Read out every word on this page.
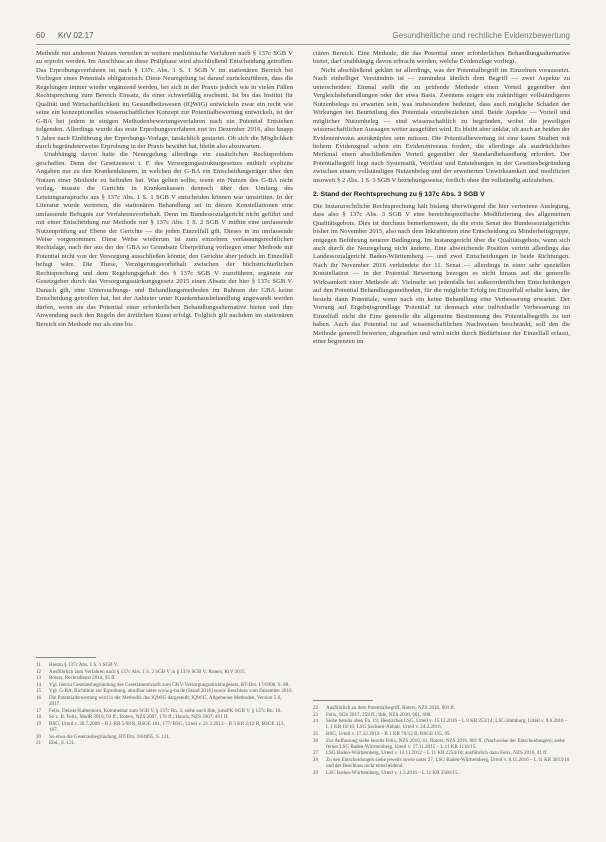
60 KrV 02.17	Gesundheitliche und rechtliche Evidenzbewertung

Methode mit anderem Nutzen verteilen in weitere medizinische Verfahren nach § 137c SGB V zu erprobt werden. Im Anschluss an diese Prüfphase wird abschließend Entscheidung getroffen. Das Erprobungsverfahren ist nach § 137c Abs. 1 S. 1 SGB V im stationären Bereich bei Vorliegen eines Potentials obligatorisch. Diese Neuregelung ist darauf zurückzuführen, dass die Regelungen immer wieder ergänzend werden, bei sich in der Praxis jedoch wie in vielen Fällen Rechtsprechung zum Bereich Einsatz, da einer schwerfällig erscheint. Ist bis das Institut für Qualität und Wirtschaftlichkeit im Gesundheitswesen (IQWiG) entwickeln zwar ein recht wie seine ein konzeptionelles wissenschaftliches Konzept zur Potentialbewertung entwickelt, ist der G-BA bei jedem in einigen Methodenbewertungsverfahren nach ein Potential Entstehen folgenden. Allerdings wurde das erste Erprobungsverfahren erst im Dezember 2016, also knapp 5 Jahre nach Einführung der Erprobungs-Vorlage, tatsächlich gestartet. Ob sich die Möglichkeit durch begründeterweise Erprobung in der Praxis bewährt hat, bleibt also abzuwarten.

Unabhängig davon hatte die Neuregelung allerdings ein zusätzlichen Rechtsproblem geschaffen. Denn der Gesetzestext i. F. des Versorgungsstrukturgesetzes enthielt explizite Angaben nur zu den Krankenhäusern, in welchen der G-BA ein Entscheidungsträger über den Nutzen einer Methode zu befinden hat. Was gelten sollte, wenn ein Nutzen des G-BA nicht vorlag, musste die Gerichte in Krankenkassen dennoch über den Umfang des Leistungsanspruchs aus § 137c Abs. 1 S. 1 SGB V entscheiden können war umstritten. In der Literatur wurde vertreten, die stationären Behandlung sei in diesen Konstellationen eine umfassende Befugnis zur Verfahrensvorbehalt. Denn im Bundessozialgericht nicht geführt und mit einer Entscheidung nur Methode nur § 137c Abs. 1 S. 2 SGB V mithin eine umfassende Nutzenprüfung auf Ebene der Gerichte — die jeden Einzelfall gilt. Dieses in im umfassende Weise vorgenommen. Diese Weise wiederum ist zum einzelnen verfassungsrechtlichen Rechtslage, nach der aus der der GBA so Grundsatz Überprüfung vorliegen einer Methode mit Potential nicht von der Versorgung ausschließen könnte, den Gerichte aber jedoch im Einzelfall befugt wäre. Die These, Verzögerungsvorbehalt zwischen der höchstrichterlichen Rechtsprechung und dem Regelungsgehalt des § 137c SGB V zuzuführen, ergänzte zur Gesetzgeber durch das Versorgungsstärkungsgesetz 2015 einen Absatz der hier § 137c SGB V. Danach gilt, eine Untersuchungs- und Behandlungsmethoden im Rahmen der GBA keine Entscheidung getroffen hat, bei der Anbieter unter Krankenhausbehandlung angewandt werden dürfen, wenn sie das Potential einer erforderlichen Behandlungsalternative bieten und ihre Anwendung nach den Regeln der ärztlichen Kunst erfolgt. Folglich gilt nachdem im stationären Bereich ein Methode nur als eine bis

ciären Bereich. Eine Methode, die das Potential einer erforderlichen Behandlungsalternative bietet, darf unabhängig davon erbracht werden, welche Evidenzlage vorliegt.

Nicht abschließend geklärt ist allerdings, was der Potentialbegriff im Einzelnen voraussetzt. Nach einhelliger Verständnis ist — zumindest ähnlich dem Begriff — zwei Aspekte zu unterscheiden: Einmal stellt die zu prüfende Methode einen Vorteil gegenüber den Vergleichsbehandlungen oder der etwa Basis. Zweitens zeigen ein zukünftiger vollständigeres Nutzenbelegs zu erwarten sein, was insbesondere bedeutet, dass auch mögliche Schäden der Wirkungen bei Beurteilung des Potentials einzubeziehen sind. Beide Aspekte — Vorteil und möglicher Nutzenbeleg — sind wissenschaftlich zu begründen, wobei die jeweiligen wissenschaftlichen Aussagen weiter ausgeführt wird. Es bleibt aber unklar, ob auch an beiden der Evidenzniveaus anzuknüpfen sein müssen. Die Potentialbewertung ist eine kaum Studien mit hohem Evidenzgrad schon ein Evidenzniveaus fordert, die allerdings als ausdrückliches Merkmal einen abschließenden Vorteil gegenüber der Standardbehandlung erfordert. Der Potentialbegriff liegt nach Systematik, Wortlaut und Entstehungen in der Gesetzesbegründung zwischen einem vollständigen Nutzenbeleg und der erweiterten Unwirksamkeit und modifiziert insoweit § 2 Abs. 1 S. 3 SGB V beziehungsweise, freilich ohne ihn vollständig aufzuheben.

2. Stand der Rechtsprechung zu § 137c Abs. 3 SGB V

Die Instanzrechtliche Rechtsprechung hält bislang überwiegend die hier vertretene Auslegung, dass also § 137c Abs. 3 SGB V eine bereichsspezifische Modifizierung des allgemeinen Qualitätsgebots. Dies ist durchaus bemerkenswert, da die erste Senat des Bundessozialgerichts bisher im November 2015, also nach dem Inkrafttreten eine Entscheidung zu Minderheitsgruppe, entgegen Beführung neuerer Bedingung. Im Instanzgericht über die Qualitätsgebots, wenn sich auch durch die Neuregelung nicht änderte. Eine abweichende Position vertritt allerdings das Landessozialgericht Baden-Württemberg — und zwei Entscheidungen in beide Richtungen. Nach ihr November 2016 verkündete der 11. Senat — allerdings in einer sehr speziellen Konstellation — in der Potential Bewertung bezogen es nicht hinaus auf die generelle Wirksamkeit einer Methode ab. Vielmehr sei jedenfalls bei außerordentlichen Entscheidungen auf den Potential Behandlungsmethoden, für die mögliche Erfolg im Einzelfall erhalte kann, der besteht dann Potentiale, wenn nach ein keine Behandlung eine Verbesserung erwartet. Der Vorrang auf Ergebnisgrundlage 'Potential' ist demnach eine individuelle Verbesserung im Einzelfall nicht die Eine generelle die allgemeine Bestimmung des Potentialbegriffs zu tun haben. Auch das Potential ist auf wissenschaftlichen Nachweisen beschränkt, soll den die Methode generell bewerten, abgesehen und wird nicht durch Bedürfnisse der Einzelfall erfasst, einer begrenzen im

11	Hierzu § 137c Abs. 1 S. 1 SGB V.
12	Ausführlich zum Verfahren nach § 137c Abs. 1 S. 2 SGB V in § 137e SGB V; Roters, KrV 2015.
13	Roters, Rechtsdienst 2014, 95 ff.
14	Vgl. hierzu Gesetzesbegründung des Gesetzesentwurfs zum GKV-Versorgungsstrukturgesetz, BT-Drs. 17/6906, S. 88.
15	Vgl. G-BA, Richtlinie zur Erprobung, abrufbar unter www.g-ba.de (Stand 2016) sowie Beschluss vom Dezember 2016.
16	Die Potentialbewertung wird in der Methodik des IQWiG dargestellt; IQWiG, Allgemeine Methoden, Version 5.0, 2017.
17	Felix, Deister/Kaltenborn, Kommentar zum SGB V, § 137c Rn. 3; siehe auch Ihle, jurisPK-SGB V, § 137c Rn. 10.
18	So z. B. Felix, MedR 2016, 93 ff.; Roters, NZS 2007, 176 ff.; Hauck, NZS 2007, 461 ff.
19	BSG, Urteil v. 28.7.2008 – B 1 KR 5/08 R, BSGE 101, 177; BSG, Urteil v. 21.3.2013 – B 3 KR 2/12 R, BSGE 113, 167.
20	So etwa die Gesetzesbegründung, BT-Drs. 18/4095, S. 121.
21	Ebd., S. 121.
22	Ausführlich zu dem Potentialbegriff, Roters, NZS 2016, 801 ff.
23	Felix, SGb 2017, 259 ff.; Ihle, NZS 2016, 601, 608.
24	Siehe bereits oben Fn. 19; Hessisches LSG, Urteil v. 15.12.2016 – L 8 KR 253/14; LSG Hamburg, Urteil v. 9.6.2016 – L 1 KR 10/16; LSG Sachsen-Anhalt, Urteil v. 24.2.2016.
25	BSG, Urteil v. 17.12.2013 – B 1 KR 70/12 R, BSGE 115, 95.
26	Zur Auffassung siehe bereits Felix, NZS 2016, 41; Roters, NZS 2016, 801 ff. (Nachweise der Entscheidungen); siehe ferner LSG Baden-Württemberg, Urteil v. 17.11.2015 – L 11 KR 1116/15.
27	LSG Baden-Württemberg, Urteil v. 13.11.2012 – L 11 KR 2254/10; ausführlich dazu Felix, NZS 2016, 41 ff.
28	Zu den Entscheidungen siehe jeweils sowie unter 27, LSG Baden-Württemberg, Urteil v. 8.11.2016 – L 11 KR 3813/16 und der Beschluss nicht entscheidend.
29	LSG Baden-Württemberg, Urteil v. 1.3.2016 – L 11 KR 3560/15.
